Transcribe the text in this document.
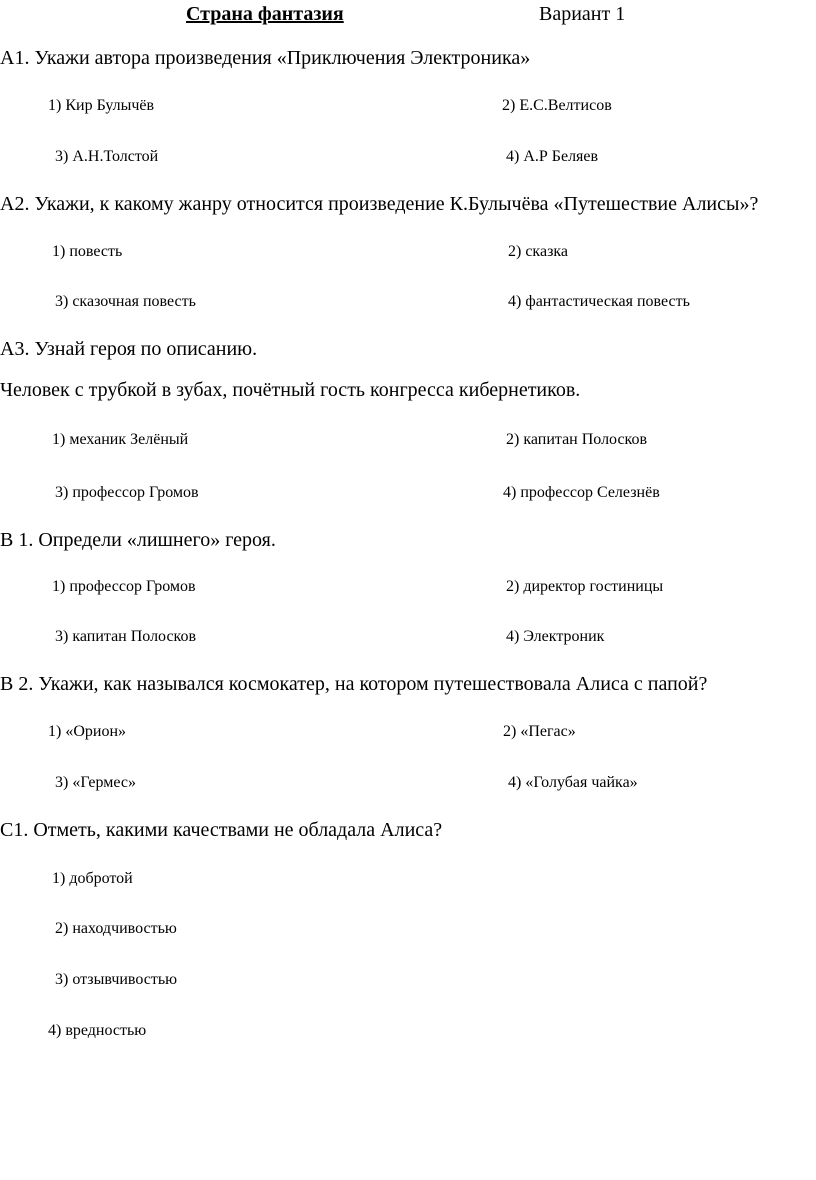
Страна фантазия	Вариант 1
А1. Укажи автора произведения «Приключения Электроника»
1) Кир Булычёв	2) Е.С.Велтисов
3) А.Н.Толстой	4) А.Р Беляев
А2. Укажи, к какому жанру относится произведение К.Булычёва «Путешествие Алисы»?
1) повесть	2) сказка
3) сказочная повесть	4) фантастическая повесть
А3. Узнай героя по описанию.
Человек с трубкой в зубах, почётный гость конгресса кибернетиков.
1) механик Зелёный	2) капитан Полосков
3) профессор Громов	4) профессор Селезнёв
В 1. Определи «лишнего» героя.
1) профессор Громов	2) директор гостиницы
3) капитан Полосков	4) Электроник
В 2. Укажи, как назывался космокатер, на котором путешествовала Алиса с папой?
1) «Орион»	2) «Пегас»
3) «Гермес»	4) «Голубая чайка»
С1. Отметь, какими качествами не обладала Алиса?
1) добротой
2) находчивостью
3) отзывчивостью
4) вредностью
